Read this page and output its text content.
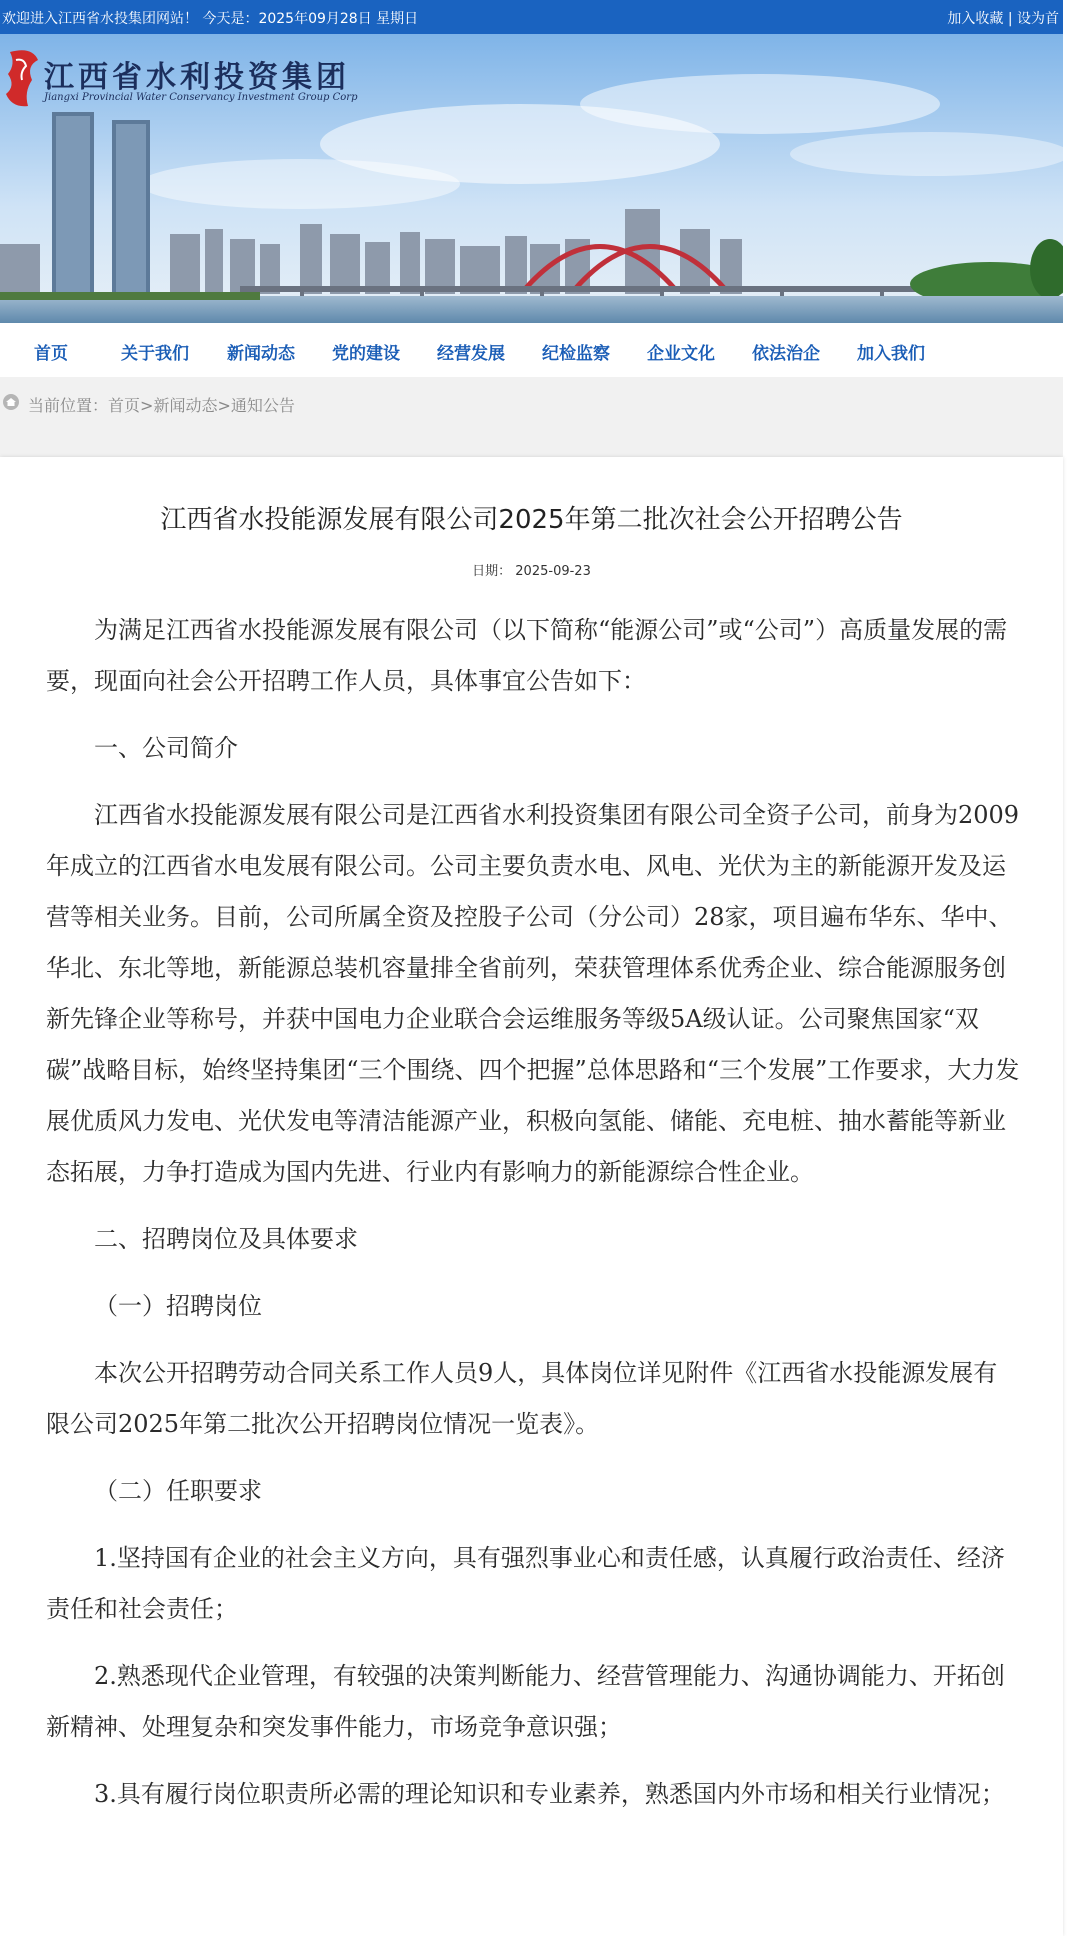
欢迎进入江西省水投集团网站！ 今天是：2025年09月28日 星期日	加入收藏 | 设为首
江西省水利投资集团
Jiangxi Provincial Water Conservancy Investment Group Corp
首页	关于我们 新闻动态 党的建设 经营发展 纪检监察 企业文化 依法治企 加入我们
当前位置：首页>新闻动态>通知公告
江西省水投能源发展有限公司2025年第二批次社会公开招聘公告
日期： 2025-09-23

为满足江西省水投能源发展有限公司（以下简称“能源公司”或“公司”）高质量发展的需要，现面向社会公开招聘工作人员，具体事宜公告如下：

一、公司简介

江西省水投能源发展有限公司是江西省水利投资集团有限公司全资子公司，前身为2009年成立的江西省水电发展有限公司。公司主要负责水电、风电、光伏为主的新能源开发及运营等相关业务。目前，公司所属全资及控股子公司（分公司）28家，项目遍布华东、华中、华北、东北等地，新能源总装机容量排全省前列，荣获管理体系优秀企业、综合能源服务创新先锋企业等称号，并获中国电力企业联合会运维服务等级5A级认证。公司聚焦国家“双碳”战略目标，始终坚持集团“三个围绕、四个把握”总体思路和“三个发展”工作要求，大力发展优质风力发电、光伏发电等清洁能源产业，积极向氢能、储能、充电桩、抽水蓄能等新业态拓展，力争打造成为国内先进、行业内有影响力的新能源综合性企业。

二、招聘岗位及具体要求

（一）招聘岗位

本次公开招聘劳动合同关系工作人员9人，具体岗位详见附件《江西省水投能源发展有限公司2025年第二批次公开招聘岗位情况一览表》。

（二）任职要求

1.坚持国有企业的社会主义方向，具有强烈事业心和责任感，认真履行政治责任、经济责任和社会责任；

2.熟悉现代企业管理，有较强的决策判断能力、经营管理能力、沟通协调能力、开拓创新精神、处理复杂和突发事件能力，市场竞争意识强；

3.具有履行岗位职责所必需的理论知识和专业素养，熟悉国内外市场和相关行业情况；
